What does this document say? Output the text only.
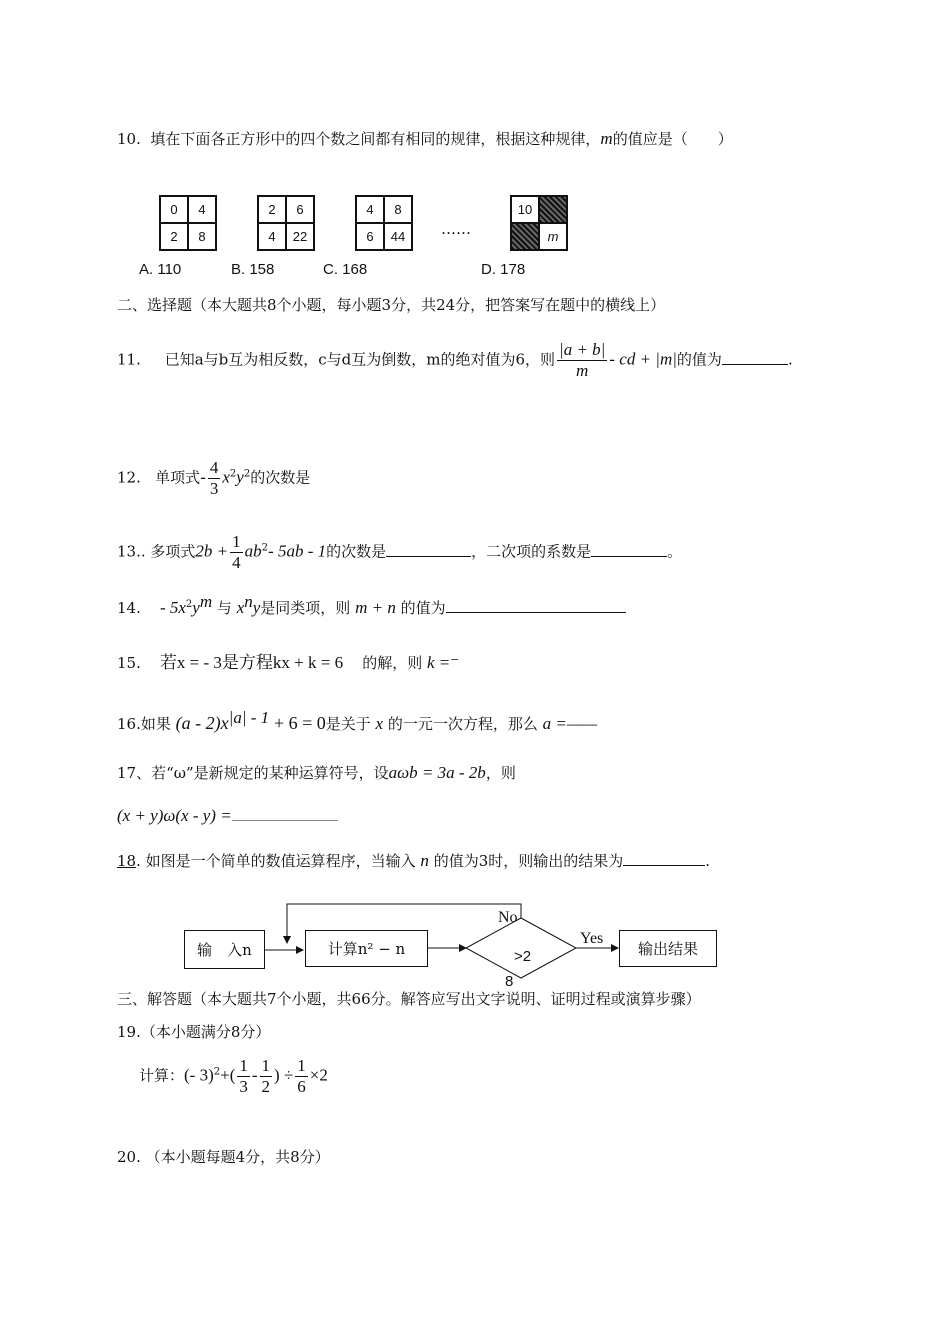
10. 填在下面各正方形中的四个数之间都有相同的规律，根据这种规律，m的值应是（　　）
0	4
2	8
2	6
4	22
4	8
6	44	……
10
m
A. 110	B. 158	C. 168	D. 178
二、选择题（本大题共8个小题，每小题3分，共24分，把答案写在题中的横线上）
11. 已知a与b互为相反数，c与d互为倒数，m的绝对值为6，则 $\frac{|a + b|}{m}$ - cd + |m|的值为	.
12. 单项式- $\frac{4}{3} x^2y^2$的次数是
13.. 多项式$2b + \frac{1}{4} ab^2-$ 5ab - 1的次数是	，二次项的系数是	。
14. - $5x^2y^m$ 与 $x^ny$是同类项，则 m + n 的值为
15. 若x = - 3是方程kx + k = 6 的解，则 k =⁻
16.如果 $(a - 2)x^{|a| - 1} + 6 = 0$是关于 x 的一元一次方程，那么 a =——
17、若“ω”是新规定的某种运算符号，设aωb = 3a - 2b，则
(x + y)ω(x - y) =
18. 如图是一个简单的数值运算程序，当输入 n 的值为3时，则输出的结果为	.
输　入n	计算n² − n	>2
8
No
Yes
输出结果
三、解答题（本大题共7个小题，共66分。解答应写出文字说明、证明过程或演算步骤）
19.（本小题满分8分）
计算：(- $3)^2+( \frac{1}{3} - \frac{1}{2}$ ) ÷ $\frac{1}{6} \times 2$
20. （本小题每题4分，共8分）
